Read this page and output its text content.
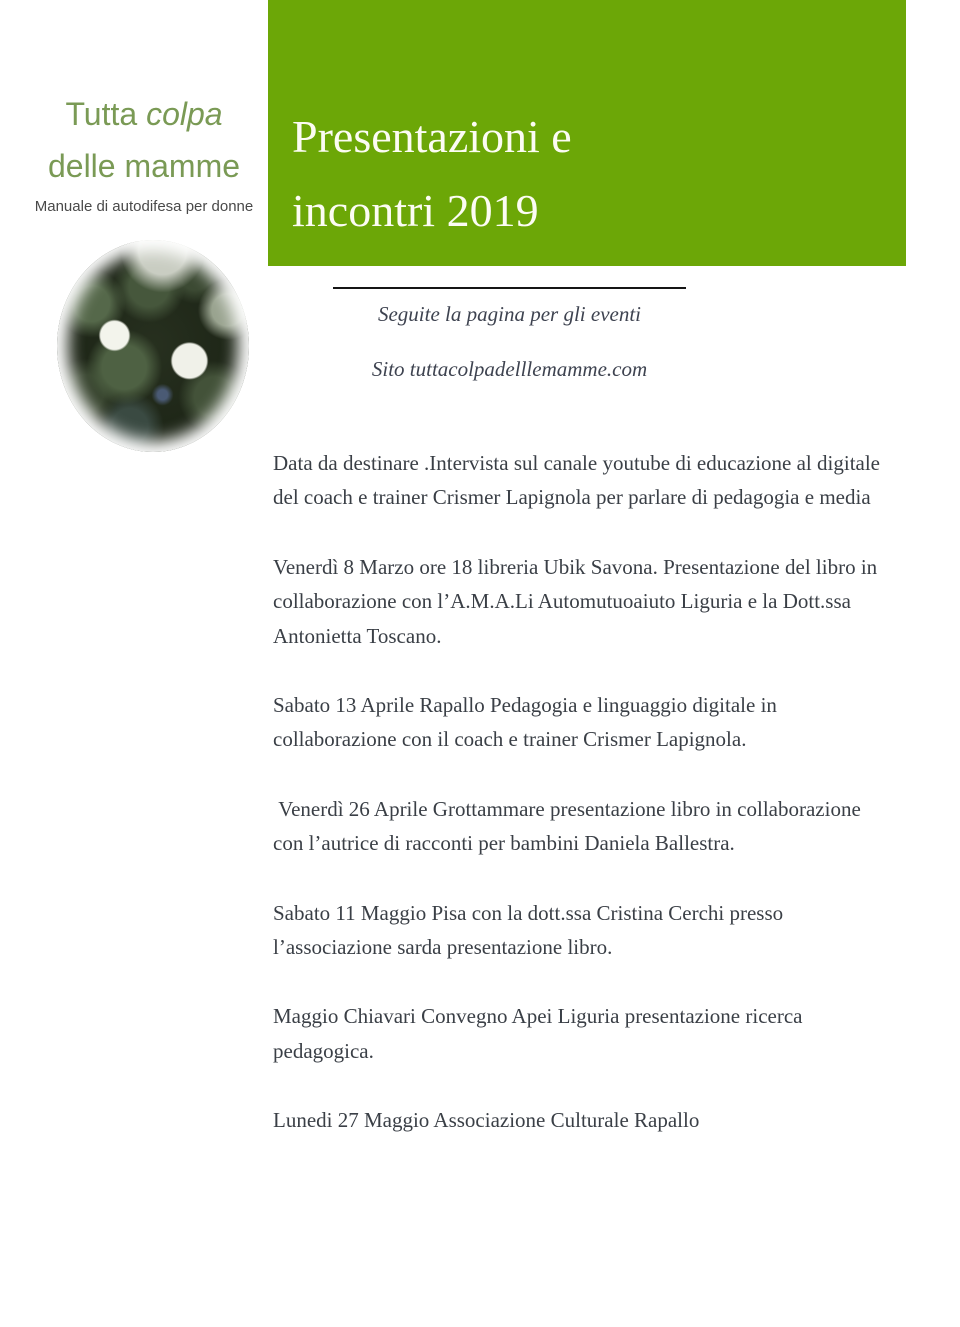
Tutta colpa
delle mamme
Manuale di autodifesa per donne
Presentazioni e
incontri 2019

Seguite la pagina per gli eventi

Sito tuttacolpadelllemamme.com

Data da destinare .Intervista sul canale youtube di educazione al digitale del coach e trainer Crismer Lapignola per parlare di pedagogia e media

Venerdì 8 Marzo ore 18 libreria Ubik Savona. Presentazione del libro in collaborazione con l’A.M.A.Li Automutuoaiuto Liguria e la Dott.ssa Antonietta Toscano.

Sabato 13 Aprile Rapallo Pedagogia e linguaggio digitale in collaborazione con il coach e trainer Crismer Lapignola.

Venerdì 26 Aprile Grottammare presentazione libro in collaborazione con l’autrice di racconti per bambini Daniela Ballestra.

Sabato 11 Maggio Pisa con la dott.ssa Cristina Cerchi presso l’associazione sarda presentazione libro.

Maggio Chiavari Convegno Apei Liguria presentazione ricerca pedagogica.

Lunedi 27 Maggio Associazione Culturale Rapallo
